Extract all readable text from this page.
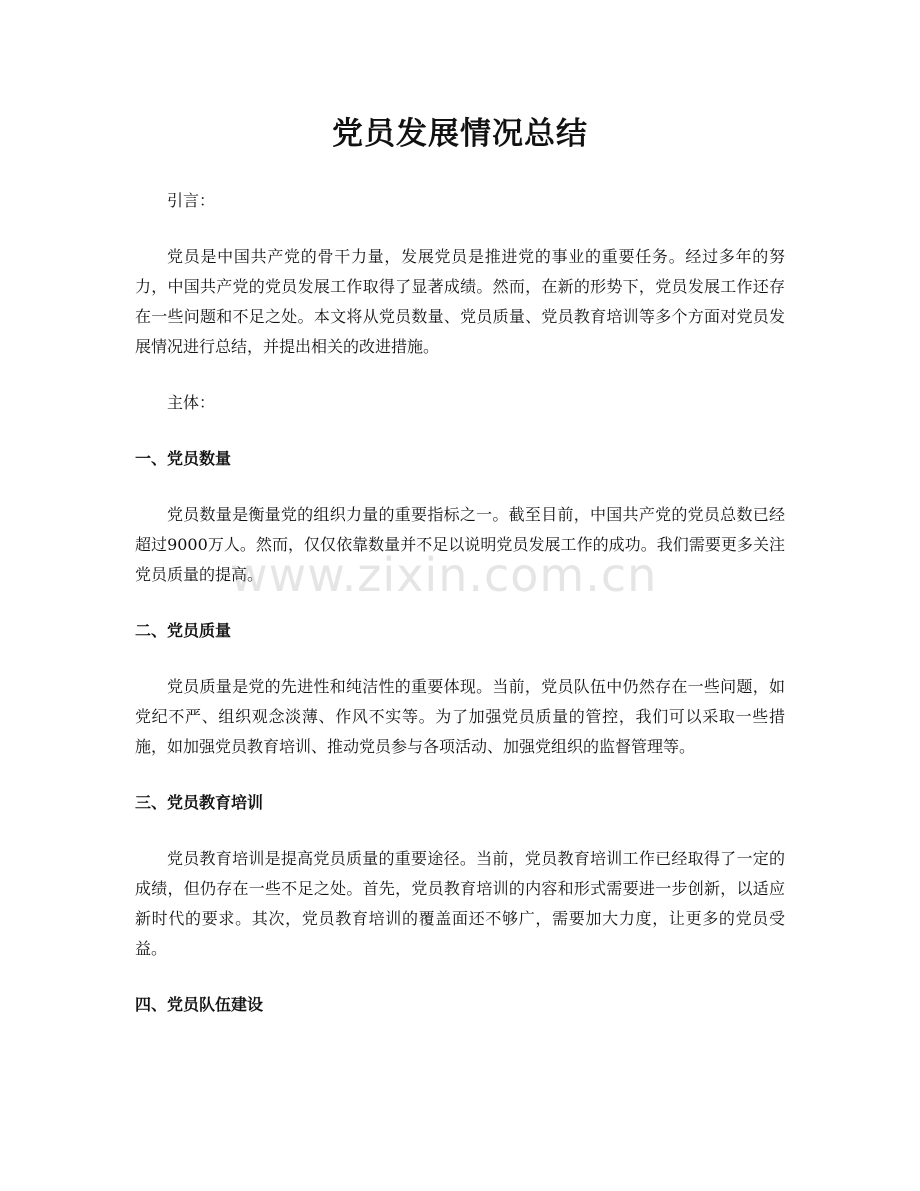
党员发展情况总结

引言：

党员是中国共产党的骨干力量，发展党员是推进党的事业的重要任务。经过多年的努力，中国共产党的党员发展工作取得了显著成绩。然而，在新的形势下，党员发展工作还存在一些问题和不足之处。本文将从党员数量、党员质量、党员教育培训等多个方面对党员发展情况进行总结，并提出相关的改进措施。

主体：

一、党员数量

党员数量是衡量党的组织力量的重要指标之一。截至目前，中国共产党的党员总数已经超过9000万人。然而，仅仅依靠数量并不足以说明党员发展工作的成功。我们需要更多关注党员质量的提高。

二、党员质量

党员质量是党的先进性和纯洁性的重要体现。当前，党员队伍中仍然存在一些问题，如党纪不严、组织观念淡薄、作风不实等。为了加强党员质量的管控，我们可以采取一些措施，如加强党员教育培训、推动党员参与各项活动、加强党组织的监督管理等。

三、党员教育培训

党员教育培训是提高党员质量的重要途径。当前，党员教育培训工作已经取得了一定的成绩，但仍存在一些不足之处。首先，党员教育培训的内容和形式需要进一步创新，以适应新时代的要求。其次，党员教育培训的覆盖面还不够广，需要加大力度，让更多的党员受益。

四、党员队伍建设
www.zixin.com.cn
